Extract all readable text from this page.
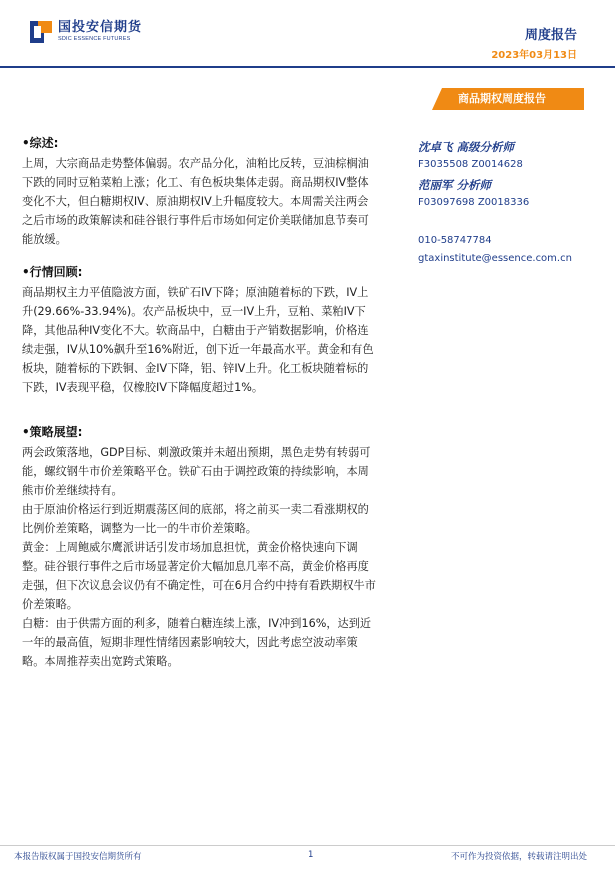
国投安信期货
SDIC ESSENCE FUTURES	周度报告
2023年03月13日
商品期权周度报告
•综述:

上周，大宗商品走势整体偏弱。农产品分化，油粕比反转，豆油棕榈油下跌的同时豆粕菜粕上涨；化工、有色板块集体走弱。商品期权IV整体变化不大，但白糖期权IV、原油期权IV上升幅度较大。本周需关注两会之后市场的政策解读和硅谷银行事件后市场如何定价美联储加息节奏可能放缓。

•行情回顾:

商品期权主力平值隐波方面，铁矿石IV下降；原油随着标的下跌，IV上升(29.66%-33.94%)。农产品板块中，豆一IV上升，豆粕、菜粕IV下降，其他品种IV变化不大。软商品中，白糖由于产销数据影响，价格连续走强，IV从10%飙升至16%附近，创下近一年最高水平。黄金和有色板块，随着标的下跌铜、金IV下降，铝、锌IV上升。化工板块随着标的下跌，IV表现平稳，仅橡胶IV下降幅度超过1%。

•策略展望:

两会政策落地，GDP目标、刺激政策并未超出预期，黑色走势有转弱可能，螺纹钢牛市价差策略平仓。铁矿石由于调控政策的持续影响，本周熊市价差继续持有。

由于原油价格运行到近期震荡区间的底部，将之前买一卖二看涨期权的比例价差策略，调整为一比一的牛市价差策略。

黄金：上周鲍威尔鹰派讲话引发市场加息担忧，黄金价格快速向下调整。硅谷银行事件之后市场显著定价大幅加息几率不高，黄金价格再度走强，但下次议息会议仍有不确定性，可在6月合约中持有看跌期权牛市价差策略。

白糖：由于供需方面的利多，随着白糖连续上涨，IV冲到16%，达到近一年的最高值，短期非理性情绪因素影响较大，因此考虑空波动率策略。本周推荐卖出宽跨式策略。

沈卓飞 高级分析师
F3035508 Z0014628
范丽军 分析师
F03097698 Z0018336
010-58747784
gtaxinstitute@essence.com.cn
本报告版权属于国投安信期货所有	1	不可作为投资依据，转载请注明出处
